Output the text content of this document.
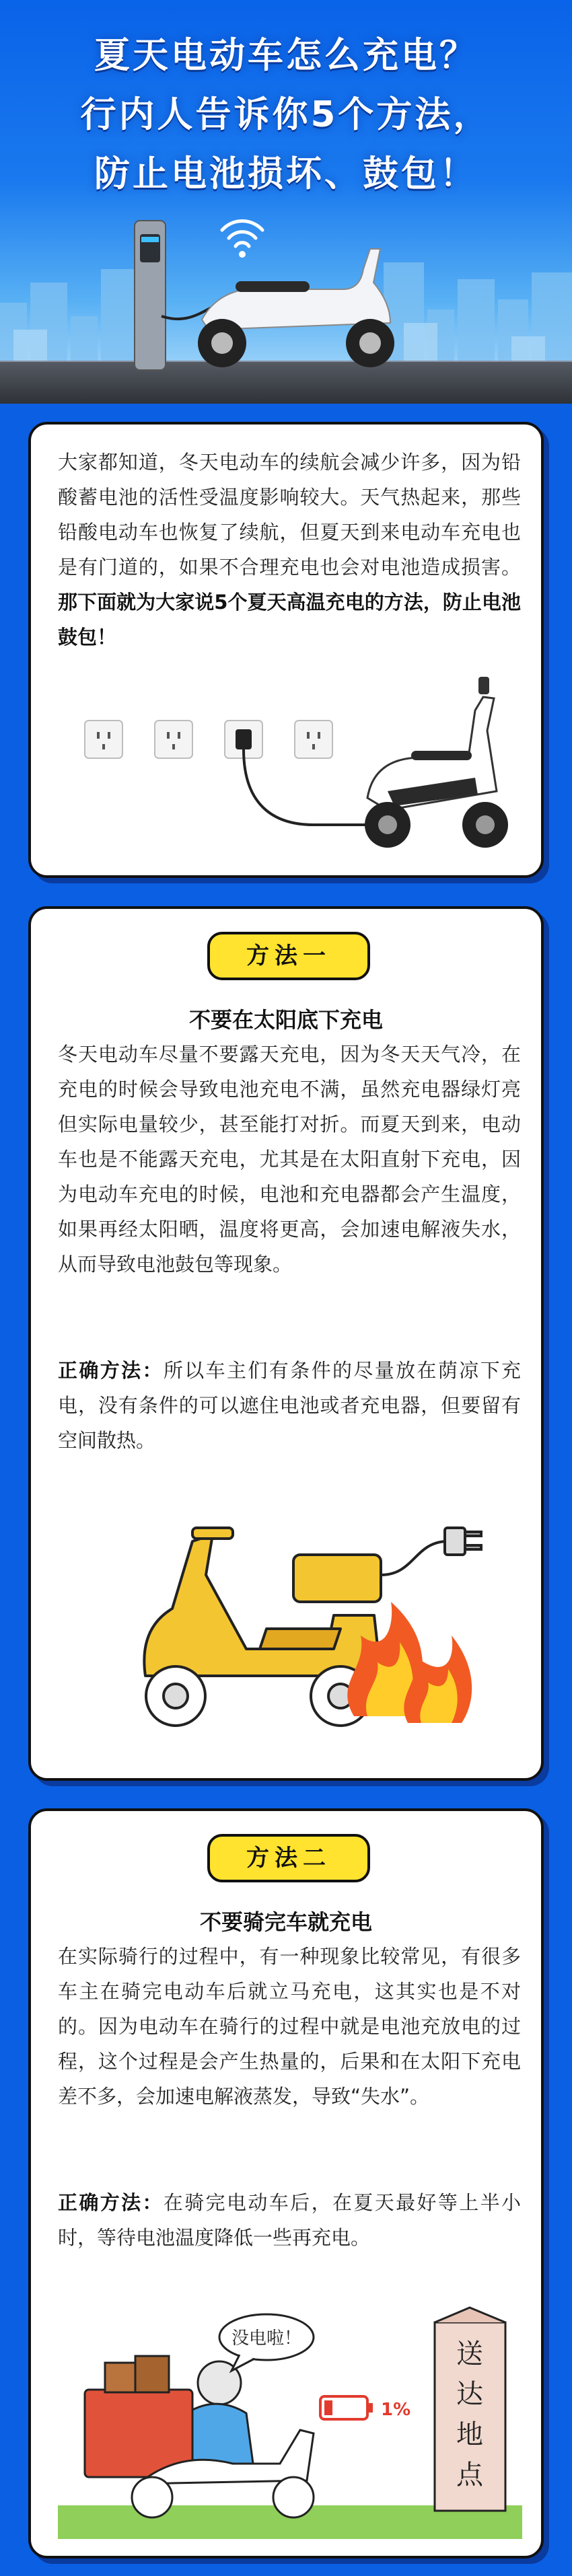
夏天电动车怎么充电？
行内人告诉你5个方法，
防止电池损坏、鼓包！

大家都知道，冬天电动车的续航会减少许多，因为铅酸蓄电池的活性受温度影响较大。天气热起来，那些铅酸电动车也恢复了续航，但夏天到来电动车充电也是有门道的，如果不合理充电也会对电池造成损害。那下面就为大家说5个夏天高温充电的方法，防止电池鼓包！

方法一
不要在太阳底下充电

冬天电动车尽量不要露天充电，因为冬天天气冷，在充电的时候会导致电池充电不满，虽然充电器绿灯亮但实际电量较少，甚至能打对折。而夏天到来，电动车也是不能露天充电，尤其是在太阳直射下充电，因为电动车充电的时候，电池和充电器都会产生温度，如果再经太阳晒，温度将更高，会加速电解液失水，从而导致电池鼓包等现象。

正确方法：所以车主们有条件的尽量放在荫凉下充电，没有条件的可以遮住电池或者充电器，但要留有空间散热。

方法二
不要骑完车就充电

在实际骑行的过程中，有一种现象比较常见，有很多车主在骑完电动车后就立马充电，这其实也是不对的。因为电动车在骑行的过程中就是电池充放电的过程，这个过程是会产生热量的，后果和在太阳下充电差不多，会加速电解液蒸发，导致“失水”。

正确方法：在骑完电动车后，在夏天最好等上半小时，等待电池温度降低一些再充电。

没电啦！
1%
送
达
地
点
